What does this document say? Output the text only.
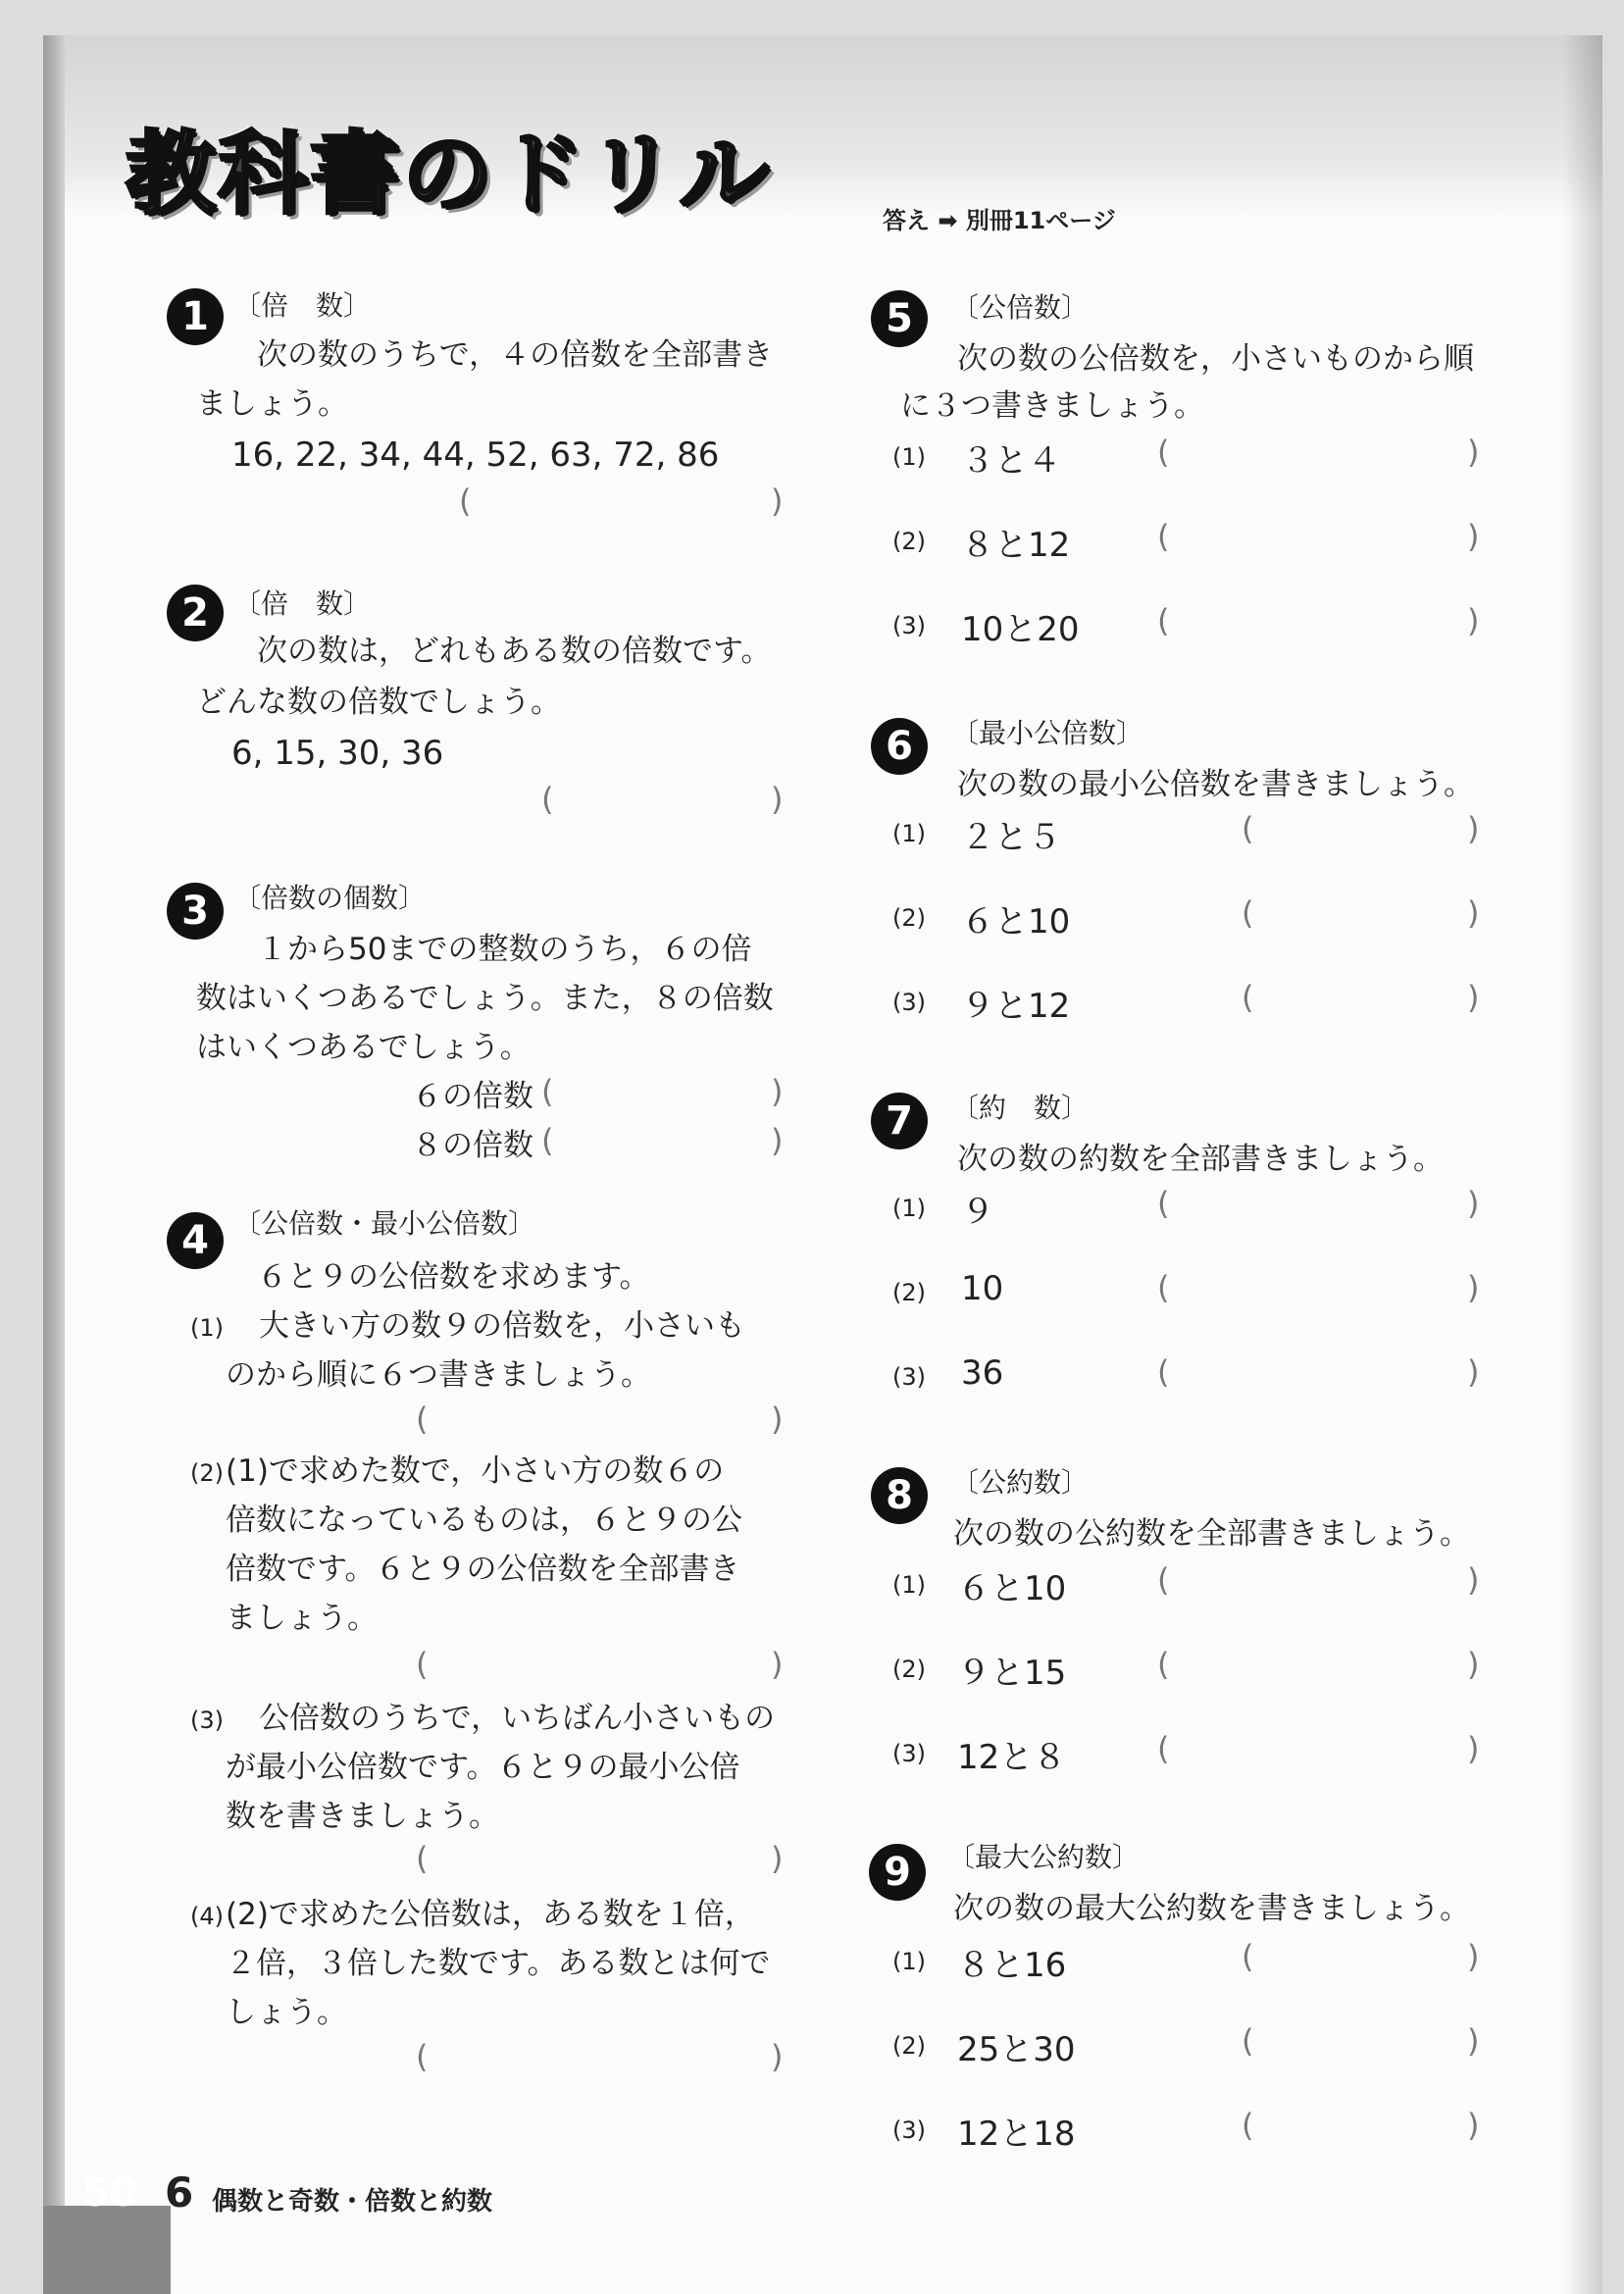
教科書のドリル	答え ➡ 別冊11ページ
1 〔倍　数〕
次の数のうちで，４の倍数を全部書き
ましょう。
16, 22, 34, 44, 52, 63, 72, 86
(	)
2 〔倍　数〕
次の数は，どれもある数の倍数です。
どんな数の倍数でしょう。
6, 15, 30, 36
(	)
3 〔倍数の個数〕
１から50までの整数のうち，６の倍
数はいくつあるでしょう。また，８の倍数
はいくつあるでしょう。
６の倍数 (	)
８の倍数 (	)
4 〔公倍数・最小公倍数〕
６と９の公倍数を求めます。
(1) 大きい方の数９の倍数を，小さいも
のから順に６つ書きましょう。
(	)
(2) (1)で求めた数で，小さい方の数６の
倍数になっているものは，６と９の公
倍数です。６と９の公倍数を全部書き
ましょう。
(	)
(3) 公倍数のうちで，いちばん小さいもの
が最小公倍数です。６と９の最小公倍
数を書きましょう。
(	)
(4) (2)で求めた公倍数は，ある数を１倍，
２倍，３倍した数です。ある数とは何で
しょう。
(	)
5	〔公倍数〕
次の数の公倍数を，小さいものから順
に３つ書きましょう。
(1) ３と４	(	)
(2) ８と12	(	)
(3) 10と20 (	)
6	〔最小公倍数〕
次の数の最小公倍数を書きましょう。
(1) ２と５	(	)
(2) ６と10	(	)
(3) ９と12	(	)
7	〔約　数〕
次の数の約数を全部書きましょう。
(1) ９	(	)
(2) 10	(	)
(3) 36	(	)
8	〔公約数〕
次の数の公約数を全部書きましょう。
(1) ６と10	(	)
(2) ９と15	(	)
(3) 12と８	(	)
9	〔最大公約数〕
次の数の最大公約数を書きましょう。
(1) ８と16	(	)
(2) 25と30	(	)
(3) 12と18	(	)
50 6 偶数と奇数・倍数と約数
